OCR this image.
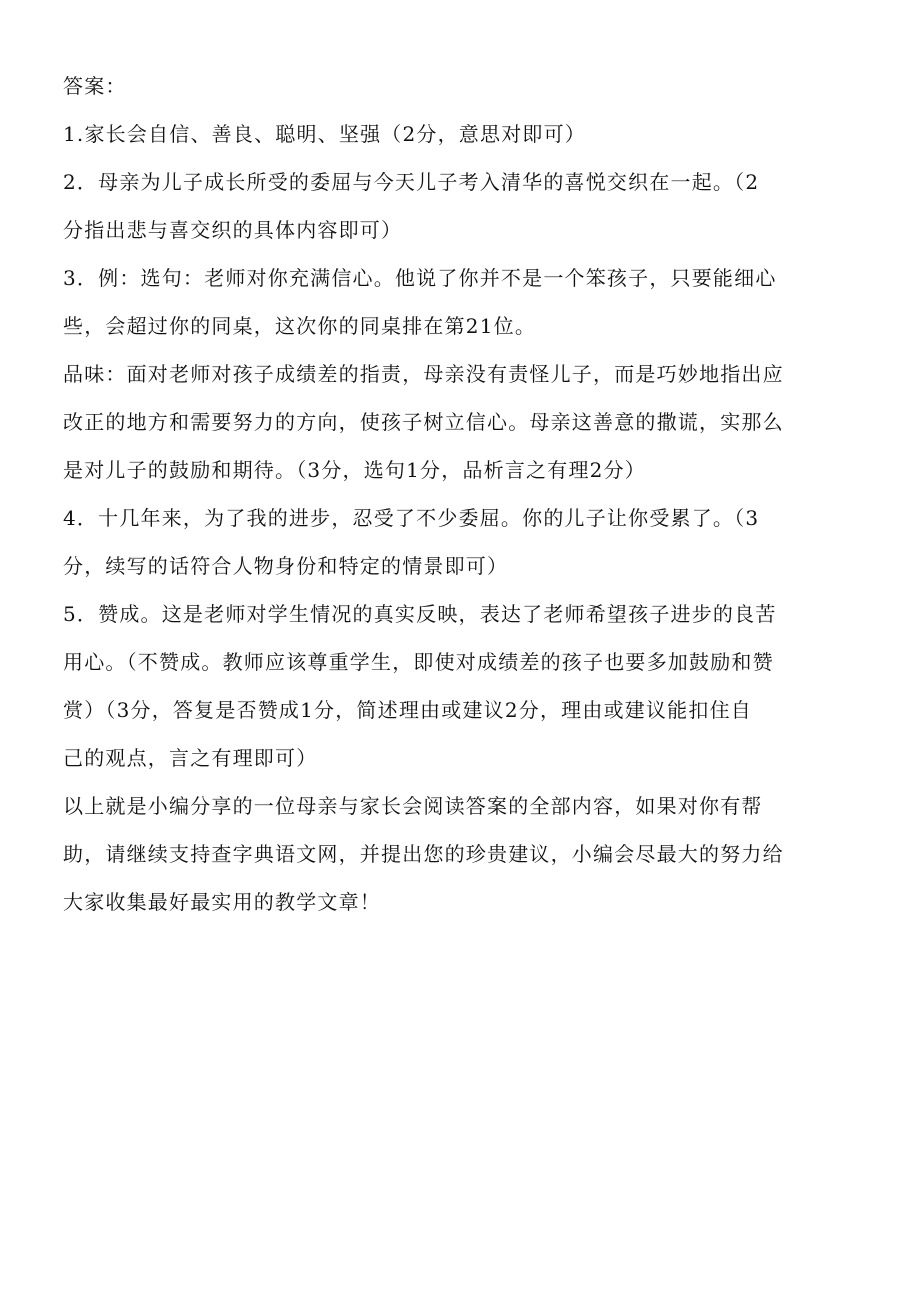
答案：
1.家长会自信、善良、聪明、坚强（2分，意思对即可）
2．母亲为儿子成长所受的委屈与今天儿子考入清华的喜悦交织在一起。（2
分指出悲与喜交织的具体内容即可）
3．例：选句：老师对你充满信心。他说了你并不是一个笨孩子，只要能细心
些，会超过你的同桌，这次你的同桌排在第21位。
品味：面对老师对孩子成绩差的指责，母亲没有责怪儿子，而是巧妙地指出应
改正的地方和需要努力的方向，使孩子树立信心。母亲这善意的撒谎，实那么
是对儿子的鼓励和期待。（3分，选句1分，品析言之有理2分）
4．十几年来，为了我的进步，忍受了不少委屈。你的儿子让你受累了。（3
分，续写的话符合人物身份和特定的情景即可）
5．赞成。这是老师对学生情况的真实反映，表达了老师希望孩子进步的良苦
用心。（不赞成。教师应该尊重学生，即使对成绩差的孩子也要多加鼓励和赞
赏）（3分，答复是否赞成1分，简述理由或建议2分，理由或建议能扣住自
己的观点，言之有理即可）
以上就是小编分享的一位母亲与家长会阅读答案的全部内容，如果对你有帮
助，请继续支持查字典语文网，并提出您的珍贵建议，小编会尽最大的努力给
大家收集最好最实用的教学文章！
